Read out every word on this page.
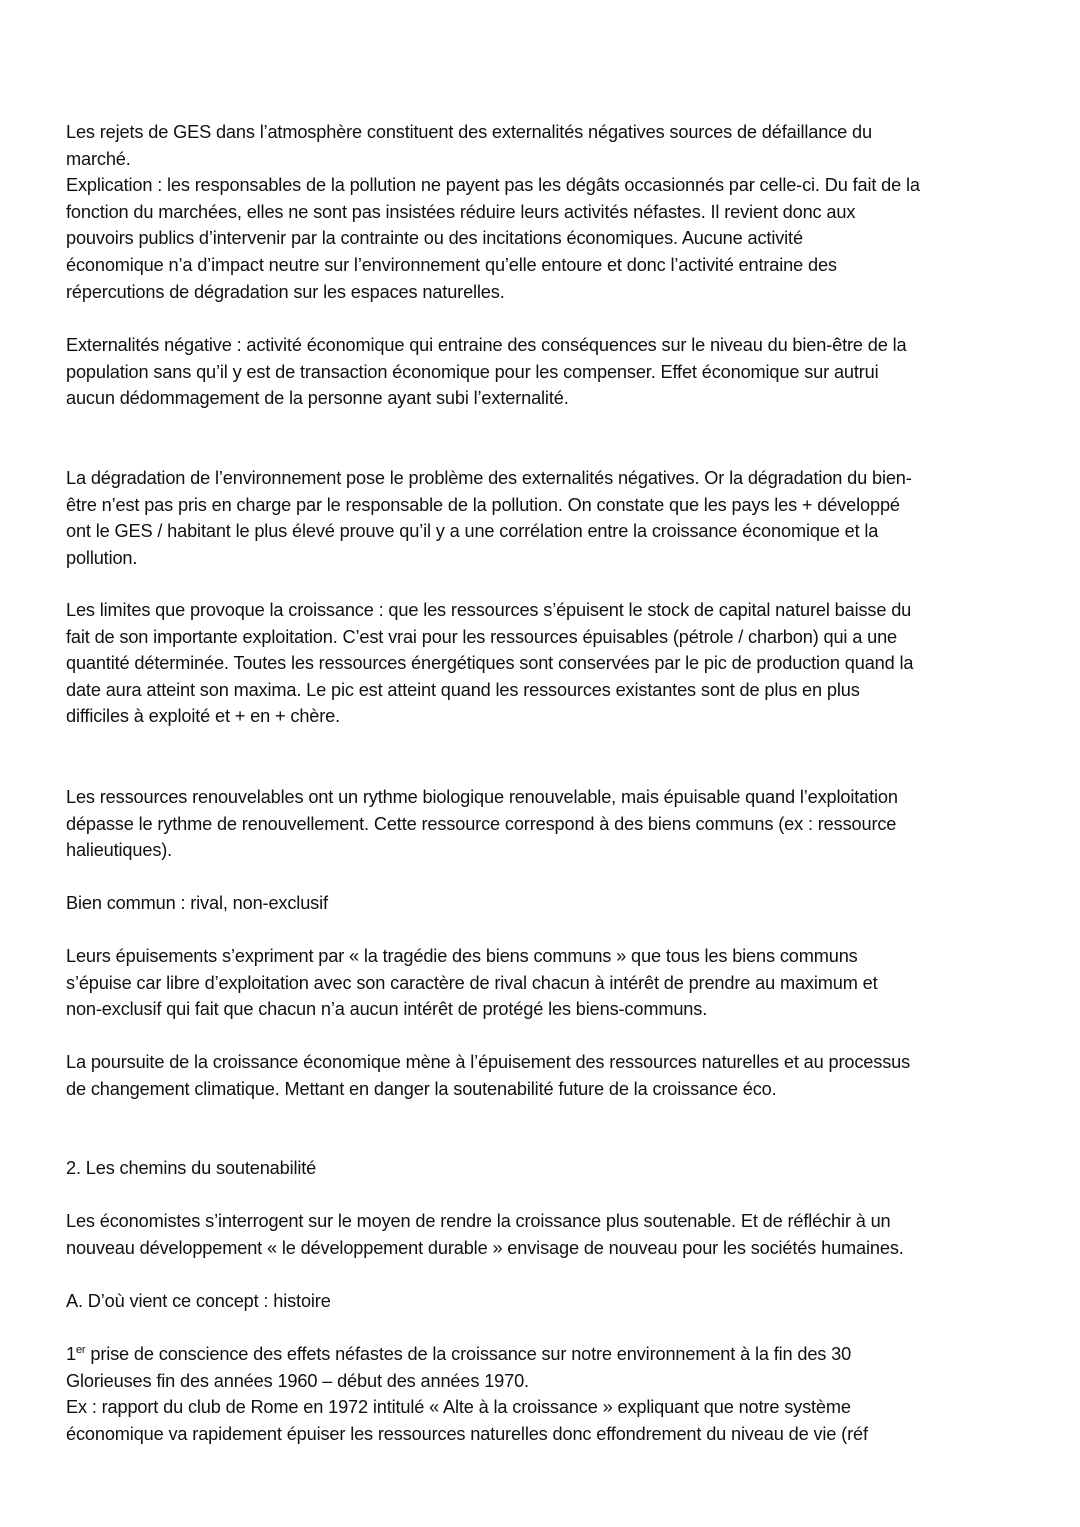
Les rejets de GES dans l’atmosphère constituent des externalités négatives sources de défaillance du
marché.
Explication : les responsables de la pollution ne payent pas les dégâts occasionnés par celle-ci. Du fait de la
fonction du marchées, elles ne sont pas insistées réduire leurs activités néfastes. Il revient donc aux
pouvoirs publics d’intervenir par la contrainte ou des incitations économiques. Aucune activité
économique n’a d’impact neutre sur l’environnement qu’elle entoure et donc l’activité entraine des
répercutions de dégradation sur les espaces naturelles.
Externalités négative : activité économique qui entraine des conséquences sur le niveau du bien-être de la
population sans qu’il y est de transaction économique pour les compenser. Effet économique sur autrui
aucun dédommagement de la personne ayant subi l’externalité.
La dégradation de l’environnement pose le problème des externalités négatives. Or la dégradation du bien-
être n’est pas pris en charge par le responsable de la pollution. On constate que les pays les + développé
ont le GES / habitant le plus élevé prouve qu’il y a une corrélation entre la croissance économique et la
pollution.
Les limites que provoque la croissance : que les ressources s’épuisent le stock de capital naturel baisse du
fait de son importante exploitation. C’est vrai pour les ressources épuisables (pétrole / charbon) qui a une
quantité déterminée. Toutes les ressources énergétiques sont conservées par le pic de production quand la
date aura atteint son maxima. Le pic est atteint quand les ressources existantes sont de plus en plus
difficiles à exploité et + en + chère.
Les ressources renouvelables ont un rythme biologique renouvelable, mais épuisable quand l’exploitation
dépasse le rythme de renouvellement. Cette ressource correspond à des biens communs (ex : ressource
halieutiques).
Bien commun : rival, non-exclusif
Leurs épuisements s’expriment par « la tragédie des biens communs » que tous les biens communs
s’épuise car libre d’exploitation avec son caractère de rival chacun à intérêt de prendre au maximum et
non-exclusif qui fait que chacun n’a aucun intérêt de protégé les biens-communs.
La poursuite de la croissance économique mène à l’épuisement des ressources naturelles et au processus
de changement climatique. Mettant en danger la soutenabilité future de la croissance éco.
2. Les chemins du soutenabilité
Les économistes s’interrogent sur le moyen de rendre la croissance plus soutenable. Et de réfléchir à un
nouveau développement « le développement durable » envisage de nouveau pour les sociétés humaines.
A. D’où vient ce concept : histoire
1er prise de conscience des effets néfastes de la croissance sur notre environnement à la fin des 30
Glorieuses fin des années 1960 – début des années 1970.
Ex : rapport du club de Rome en 1972 intitulé « Alte à la croissance » expliquant que notre système
économique va rapidement épuiser les ressources naturelles donc effondrement du niveau de vie (réf
